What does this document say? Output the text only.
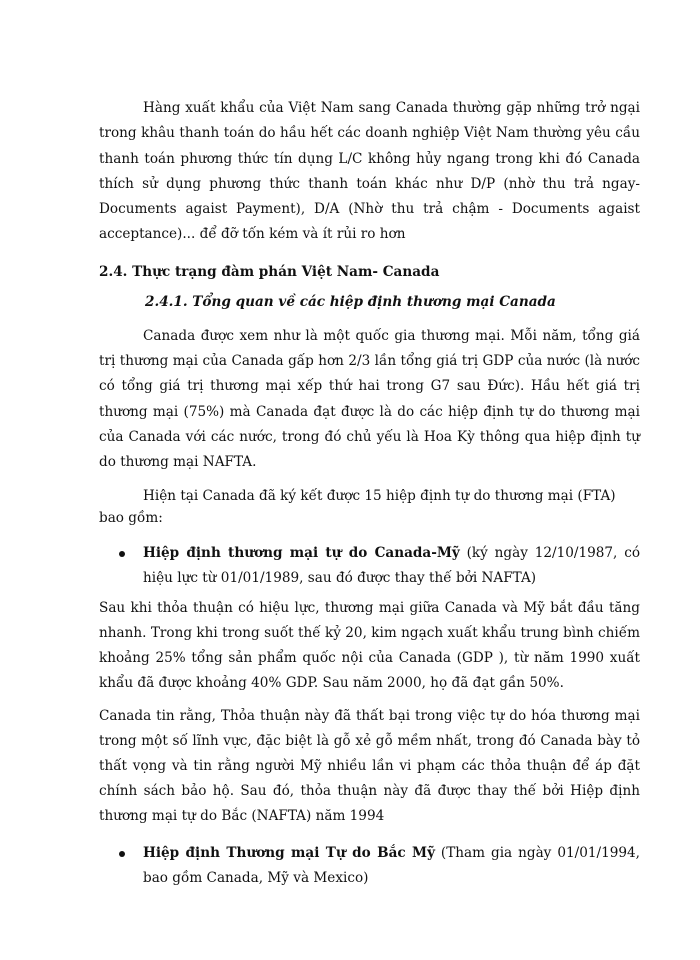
Hàng xuất khẩu của Việt Nam sang Canada thường gặp những trở ngại trong khâu thanh toán do hầu hết các doanh nghiệp Việt Nam thường yêu cầu thanh toán phương thức tín dụng L/C không hủy ngang trong khi đó Canada thích sử dụng phương thức thanh toán khác như D/P (nhờ thu trả ngay- Documents agaist Payment), D/A (Nhờ thu trả chậm - Documents agaist acceptance)... để đỡ tốn kém và ít rủi ro hơn

2.4. Thực trạng đàm phán Việt Nam- Canada

2.4.1. Tổng quan về các hiệp định thương mại Canada

Canada được xem như là một quốc gia thương mại. Mỗi năm, tổng giá trị thương mại của Canada gấp hơn 2/3 lần tổng giá trị GDP của nước (là nước có tổng giá trị thương mại xếp thứ hai trong G7 sau Đức). Hầu hết giá trị thương mại (75%) mà Canada đạt được là do các hiệp định tự do thương mại của Canada với các nước, trong đó chủ yếu là Hoa Kỳ thông qua hiệp định tự do thương mại NAFTA.

Hiện tại Canada đã ký kết được 15 hiệp định tự do thương mại (FTA) bao gồm:

Hiệp định thương mại tự do Canada-Mỹ (ký ngày 12/10/1987, có hiệu lực từ 01/01/1989, sau đó được thay thế bởi NAFTA)

Sau khi thỏa thuận có hiệu lực, thương mại giữa Canada và Mỹ bắt đầu tăng nhanh. Trong khi trong suốt thế kỷ 20, kim ngạch xuất khẩu trung bình chiếm khoảng 25% tổng sản phẩm quốc nội của Canada (GDP ), từ năm 1990 xuất khẩu đã được khoảng 40% GDP. Sau năm 2000, họ đã đạt gần 50%.

Canada tin rằng, Thỏa thuận này đã thất bại trong việc tự do hóa thương mại trong một số lĩnh vực, đặc biệt là gỗ xẻ gỗ mềm nhất, trong đó Canada bày tỏ thất vọng và tin rằng người Mỹ nhiều lần vi phạm các thỏa thuận để áp đặt chính sách bảo hộ. Sau đó, thỏa thuận này đã được thay thế bởi Hiệp định thương mại tự do Bắc (NAFTA) năm 1994

Hiệp định Thương mại Tự do Bắc Mỹ (Tham gia ngày 01/01/1994, bao gồm Canada, Mỹ và Mexico)
